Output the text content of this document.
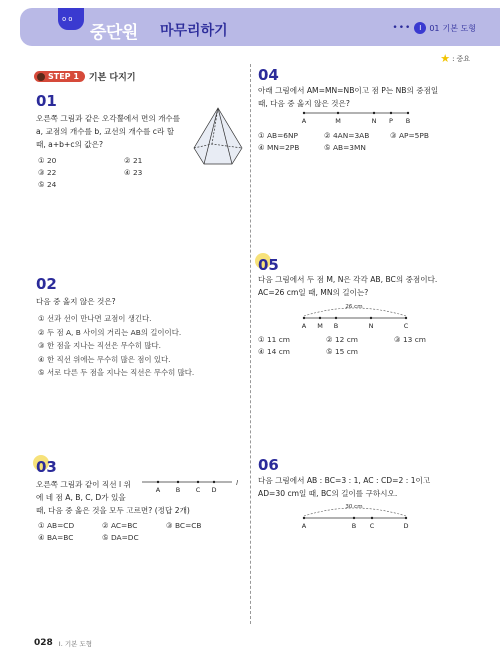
oo
중단원 마무리하기	•••	I 01 기본 도형
★ : 중요
STEP 1	기본 다지기
01
오른쪽 그림과 같은 오각뿔에서 면의 개수를
a, 교점의 개수를 b, 교선의 개수를 c라 할
때, a+b+c의 값은?
① 20	② 21
③ 22	④ 23
⑤ 24
02
다음 중 옳지 않은 것은?
① 선과 선이 만나면 교점이 생긴다.
② 두 점 A, B 사이의 거리는 AB의 길이이다.
③ 한 점을 지나는 직선은 무수히 많다.
④ 한 직선 위에는 무수히 많은 점이 있다.
⑤ 서로 다른 두 점을 지나는 직선은 무수히 많다.
03
오른쪽 그림과 같이 직선 l 위
에 네 점 A, B, C, D가 있을
때, 다음 중 옳은 것을 모두 고르면? (정답 2개)
A B C D
l
① AB=CD	② AC=BC	③ BC=CB
④ BA=BC	⑤ DA=DC
04
아래 그림에서 AM=MN=NB이고 점 P는 NB의 중점일
때, 다음 중 옳지 않은 것은?
A	M	N P B
① AB=6NP	② 4AN=3AB	③ AP=5PB
④ MN=2PB	⑤ AB=3MN
05
다음 그림에서 두 점 M, N은 각각 AB, BC의 중점이다.
AC=26 cm일 때, MN의 길이는?
26 cm
A M B	N	C
① 11 cm	② 12 cm	③ 13 cm
④ 14 cm	⑤ 15 cm
06
다음 그림에서 AB : BC=3 : 1, AC : CD=2 : 1이고
AD=30 cm일 때, BC의 길이를 구하시오.
30 cm
A	B C	D
028 I. 기본 도형
